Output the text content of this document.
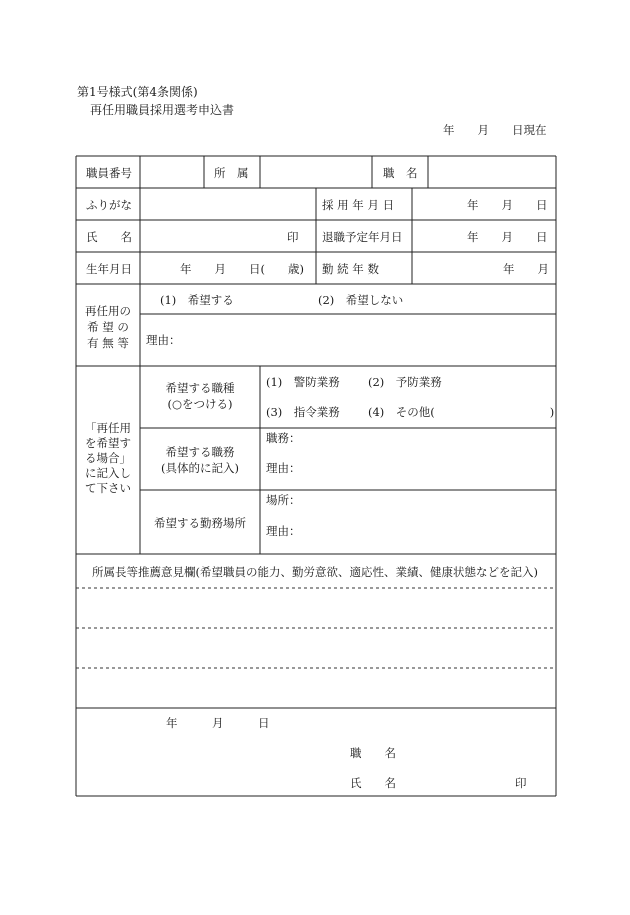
第1号様式(第4条関係)
再任用職員採用選考申込書
年　　月　　日現在
職員番号	所　属	職　名
ふりがな	採 用 年 月 日	年　　月　　日
氏　　名	印 退職予定年月日	年　　月　　日
生年月日	年　　月　　日(　　歳) 勤 続 年 数	年　　月
再任用の
希 望 の
有 無 等
(1)　希望する	(2)　希望しない
理由：
「再任用
を希望す
る場合」
に記入し
て下さい
希望する職種
(○をつける)
(1)　警防業務 (2)　予防業務
(3)　指令業務 (4)　その他(　　　　　　　　　　)
希望する職務
(具体的に記入)
職務：
理由：
希望する勤務場所
場所：
理由：
所属長等推薦意見欄(希望職員の能力、勤労意欲、適応性、業績、健康状態などを記入)
年　　　月　　　日
職　　名
氏　　名	印
